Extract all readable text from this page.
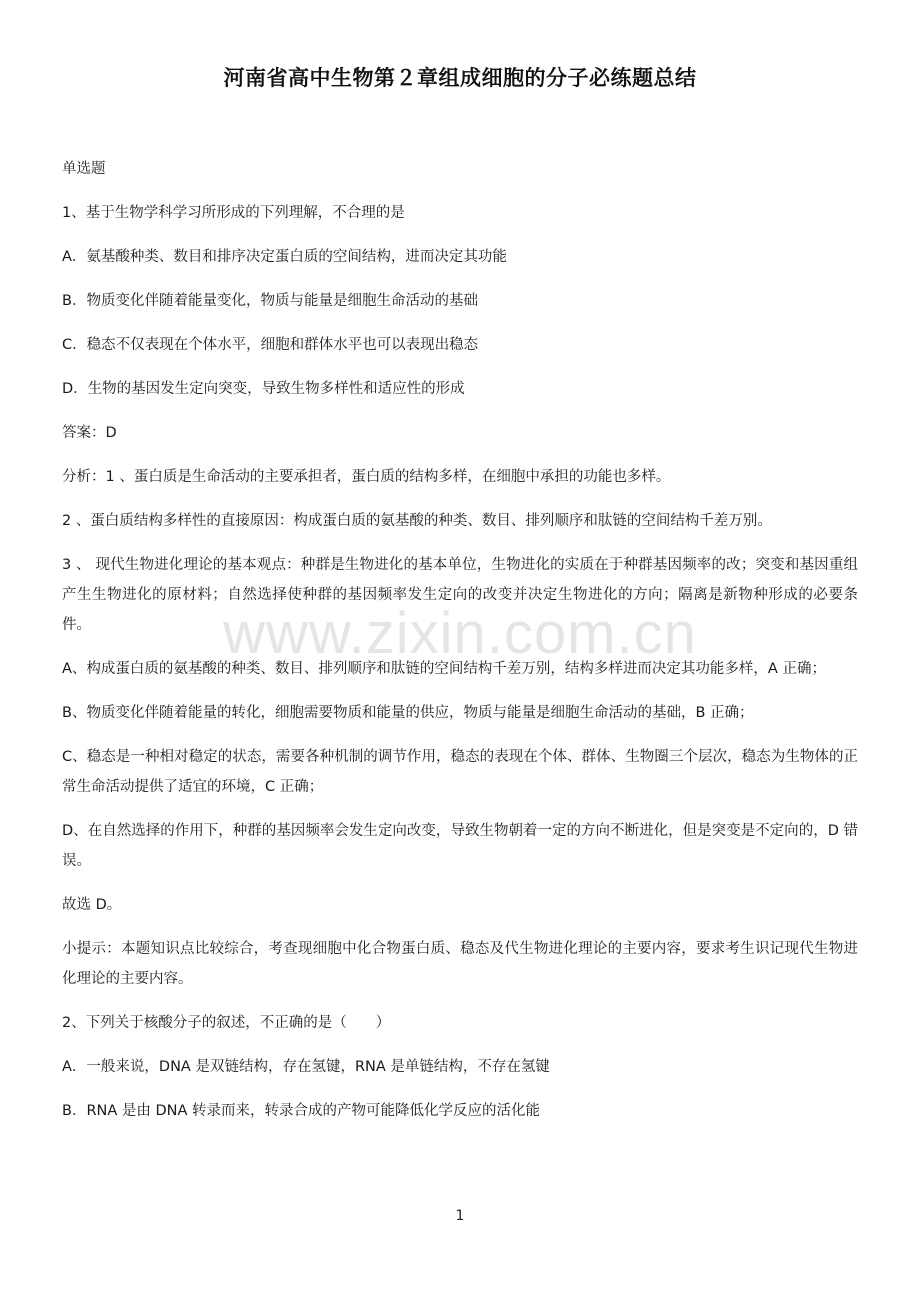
河南省高中生物第２章组成细胞的分子必练题总结

单选题

1、基于生物学科学习所形成的下列理解，不合理的是

A．氨基酸种类、数目和排序决定蛋白质的空间结构，进而决定其功能

B．物质变化伴随着能量变化，物质与能量是细胞生命活动的基础

C．稳态不仅表现在个体水平，细胞和群体水平也可以表现出稳态

D．生物的基因发生定向突变，导致生物多样性和适应性的形成

答案：D

分析：1 、蛋白质是生命活动的主要承担者，蛋白质的结构多样，在细胞中承担的功能也多样。

2 、蛋白质结构多样性的直接原因：构成蛋白质的氨基酸的种类、数目、排列顺序和肽链的空间结构千差万别。

3 、 现代生物进化理论的基本观点：种群是生物进化的基本单位，生物进化的实质在于种群基因频率的改；突变和基因重组产生生物进化的原材料；自然选择使种群的基因频率发生定向的改变并决定生物进化的方向；隔离是新物种形成的必要条件。

A、构成蛋白质的氨基酸的种类、数目、排列顺序和肽链的空间结构千差万别，结构多样进而决定其功能多样，A 正确；

B、物质变化伴随着能量的转化，细胞需要物质和能量的供应，物质与能量是细胞生命活动的基础，B 正确；

C、稳态是一种相对稳定的状态，需要各种机制的调节作用，稳态的表现在个体、群体、生物圈三个层次，稳态为生物体的正常生命活动提供了适宜的环境，C 正确；

D、在自然选择的作用下，种群的基因频率会发生定向改变，导致生物朝着一定的方向不断进化，但是突变是不定向的，D 错误。

故选 D。

小提示：本题知识点比较综合，考查现细胞中化合物蛋白质、稳态及代生物进化理论的主要内容，要求考生识记现代生物进化理论的主要内容。

2、下列关于核酸分子的叙述，不正确的是（　　）

A．一般来说，DNA 是双链结构，存在氢键，RNA 是单链结构，不存在氢键

B．RNA 是由 DNA 转录而来，转录合成的产物可能降低化学反应的活化能

www.zixin.com.cn
1
